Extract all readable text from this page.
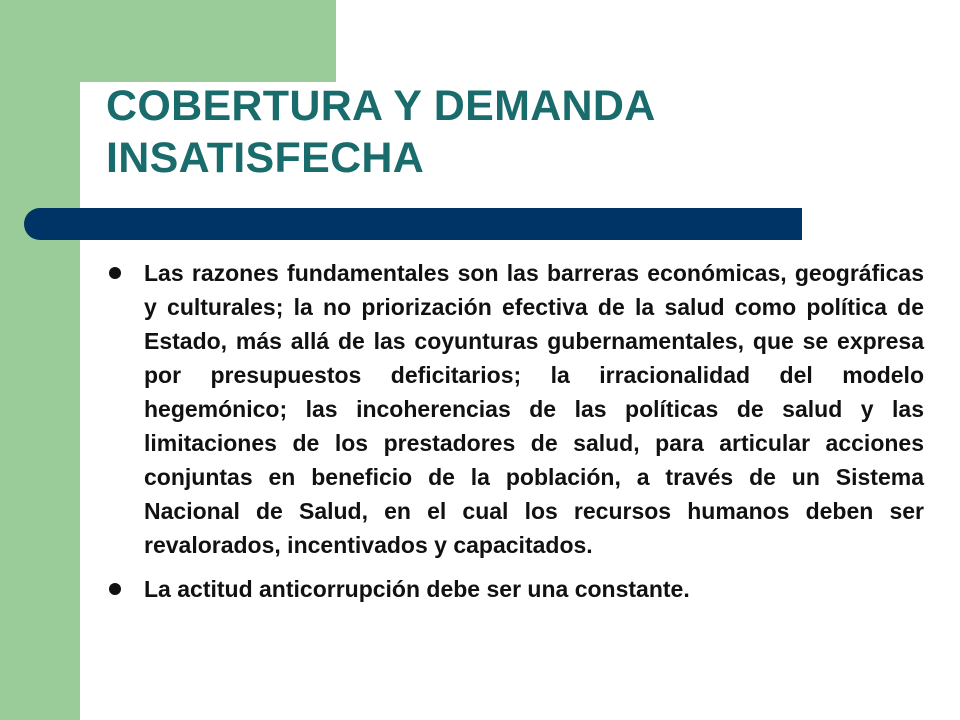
COBERTURA Y DEMANDA INSATISFECHA
Las razones fundamentales son las barreras económicas, geográficas y culturales; la no priorización efectiva de la salud como política de Estado, más allá de las coyunturas gubernamentales, que se expresa por presupuestos deficitarios; la irracionalidad del modelo hegemónico; las incoherencias de las políticas de salud y las limitaciones de los prestadores de salud, para articular acciones conjuntas en beneficio de la población, a través de un Sistema Nacional de Salud, en el cual los recursos humanos deben ser revalorados, incentivados y capacitados.
La actitud anticorrupción debe ser una constante.
